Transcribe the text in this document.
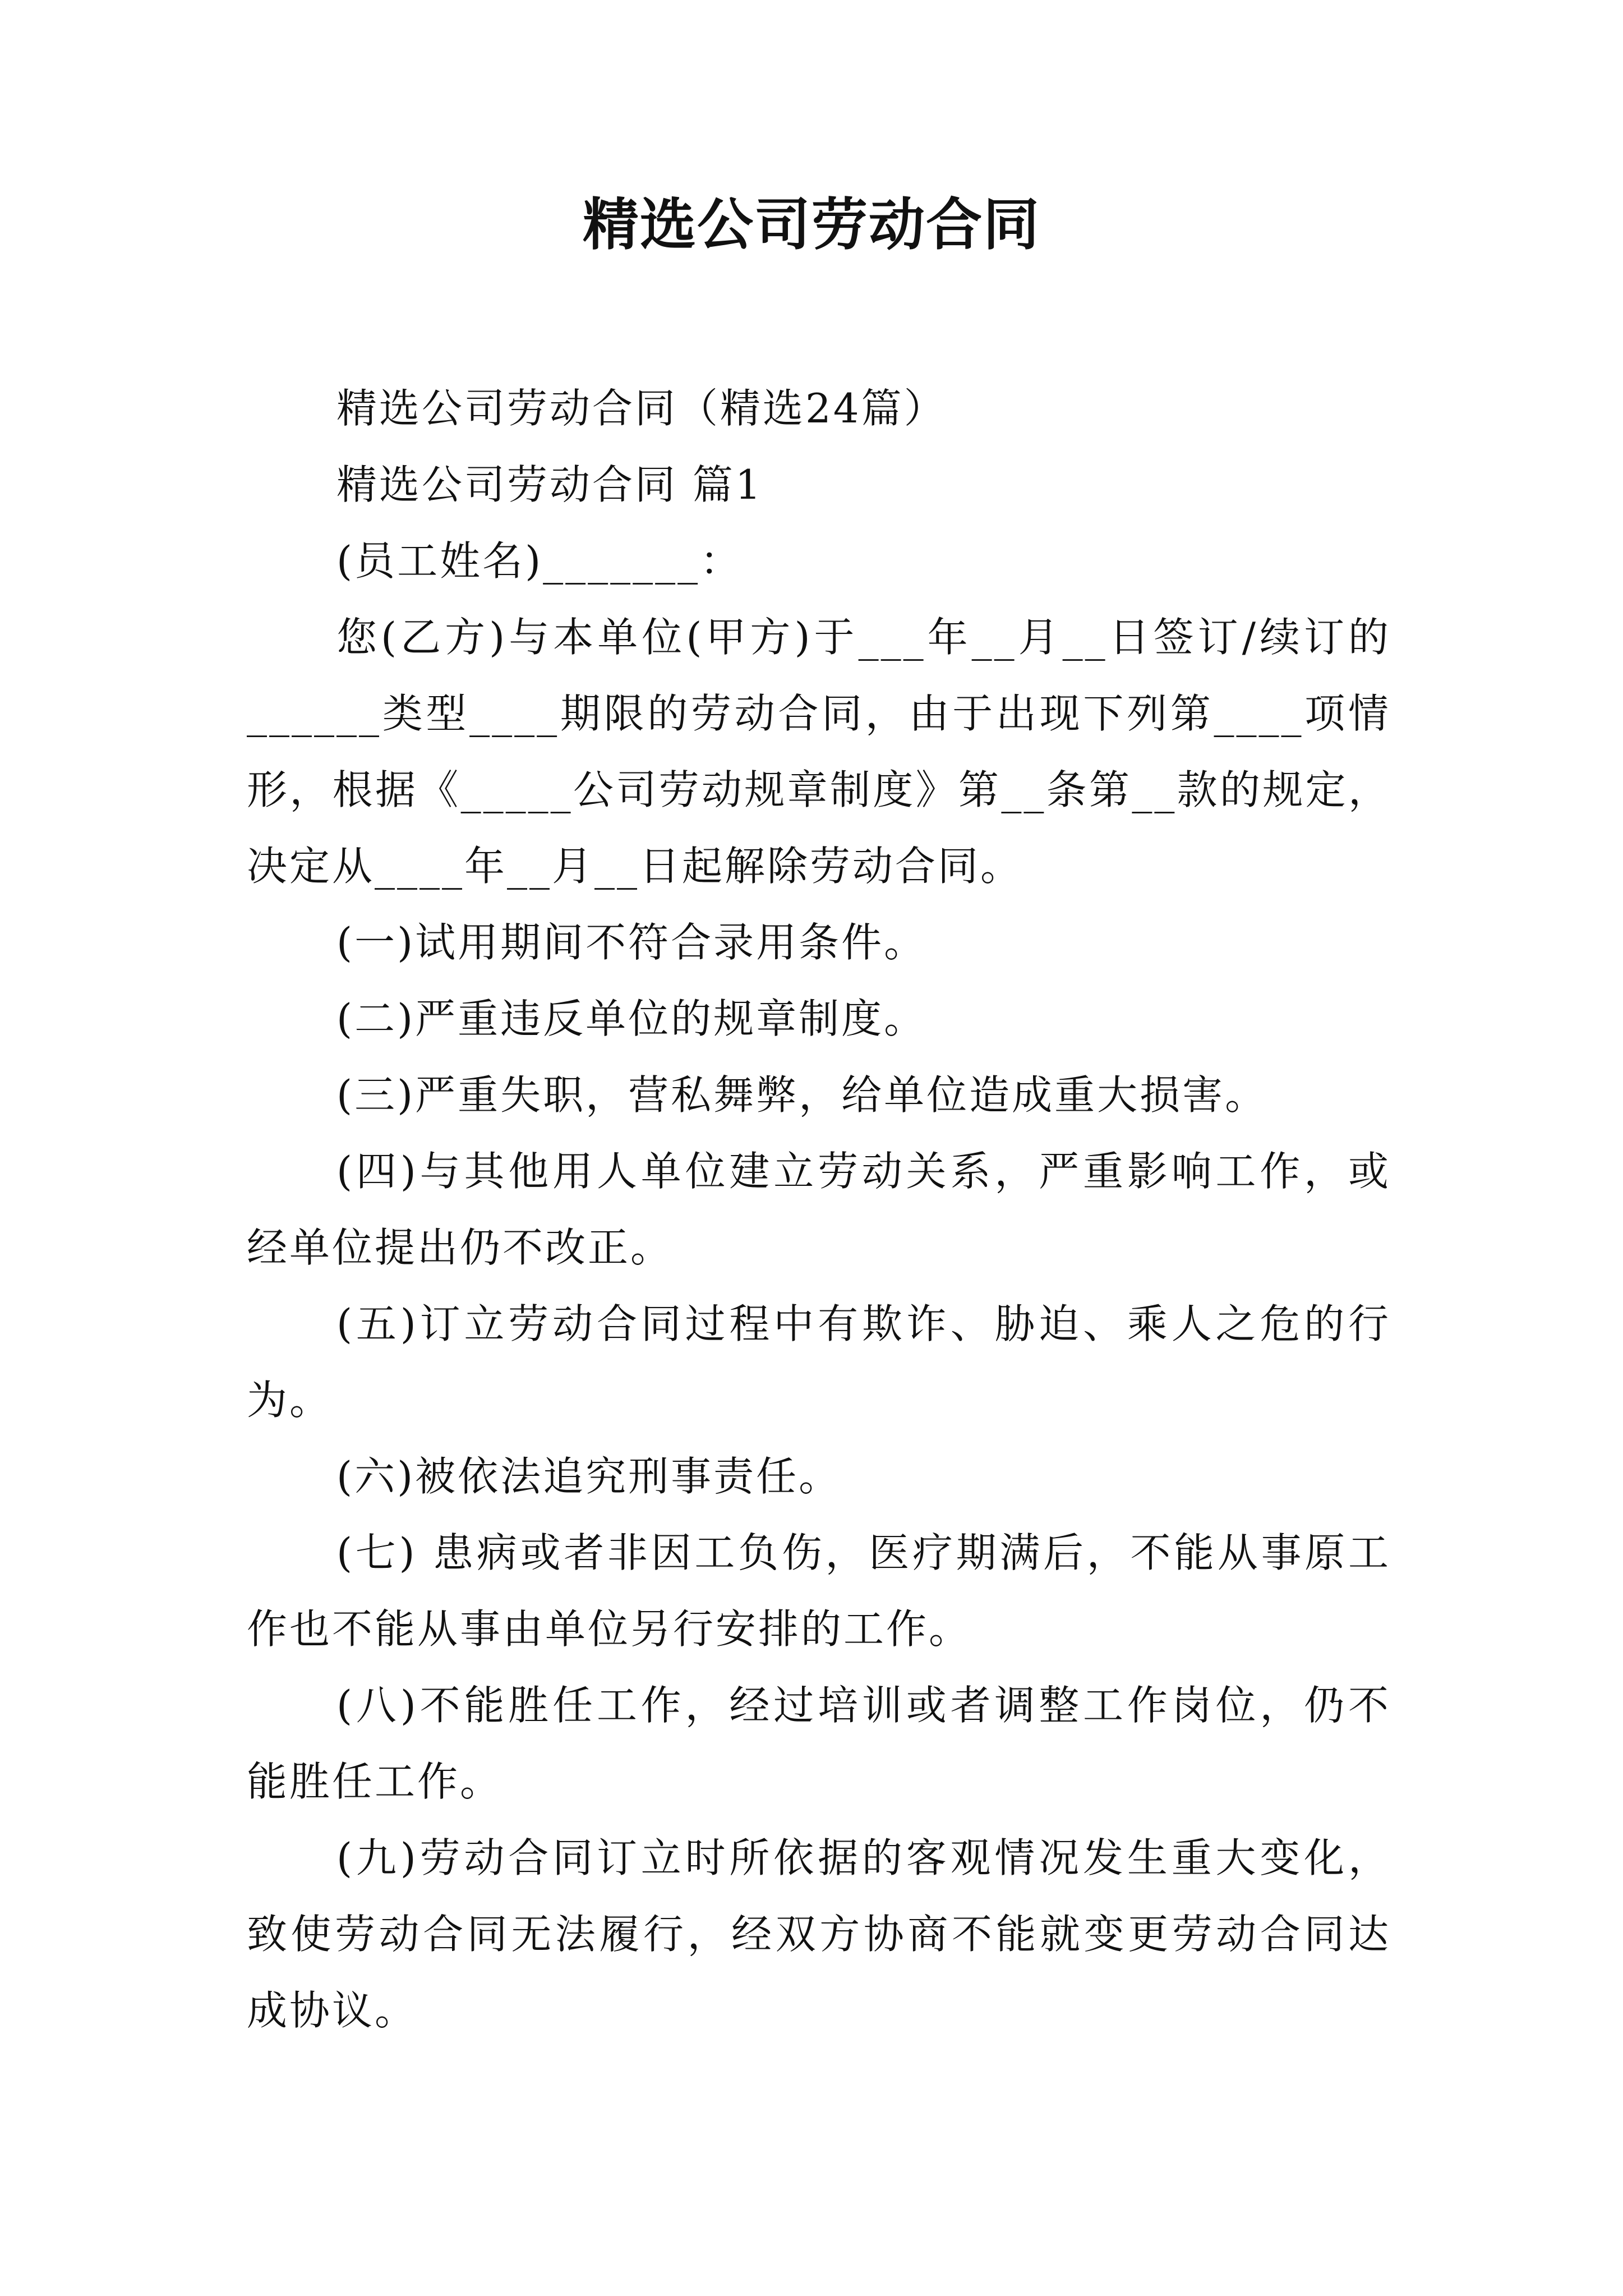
精选公司劳动合同

精选公司劳动合同（精选24篇）

精选公司劳动合同 篇1

(员工姓名)_______：

您(乙方)与本单位(甲方)于___年__月__日签订/续订的______类型____期限的劳动合同，由于出现下列第____项情形，根据《_____公司劳动规章制度》第__条第__款的规定，决定从____年__月__日起解除劳动合同。

(一)试用期间不符合录用条件。

(二)严重违反单位的规章制度。

(三)严重失职，营私舞弊，给单位造成重大损害。

(四)与其他用人单位建立劳动关系，严重影响工作，或经单位提出仍不改正。

(五)订立劳动合同过程中有欺诈、胁迫、乘人之危的行为。

(六)被依法追究刑事责任。

(七) 患病或者非因工负伤，医疗期满后，不能从事原工作也不能从事由单位另行安排的工作。

(八)不能胜任工作，经过培训或者调整工作岗位，仍不能胜任工作。

(九)劳动合同订立时所依据的客观情况发生重大变化，致使劳动合同无法履行，经双方协商不能就变更劳动合同达成协议。
